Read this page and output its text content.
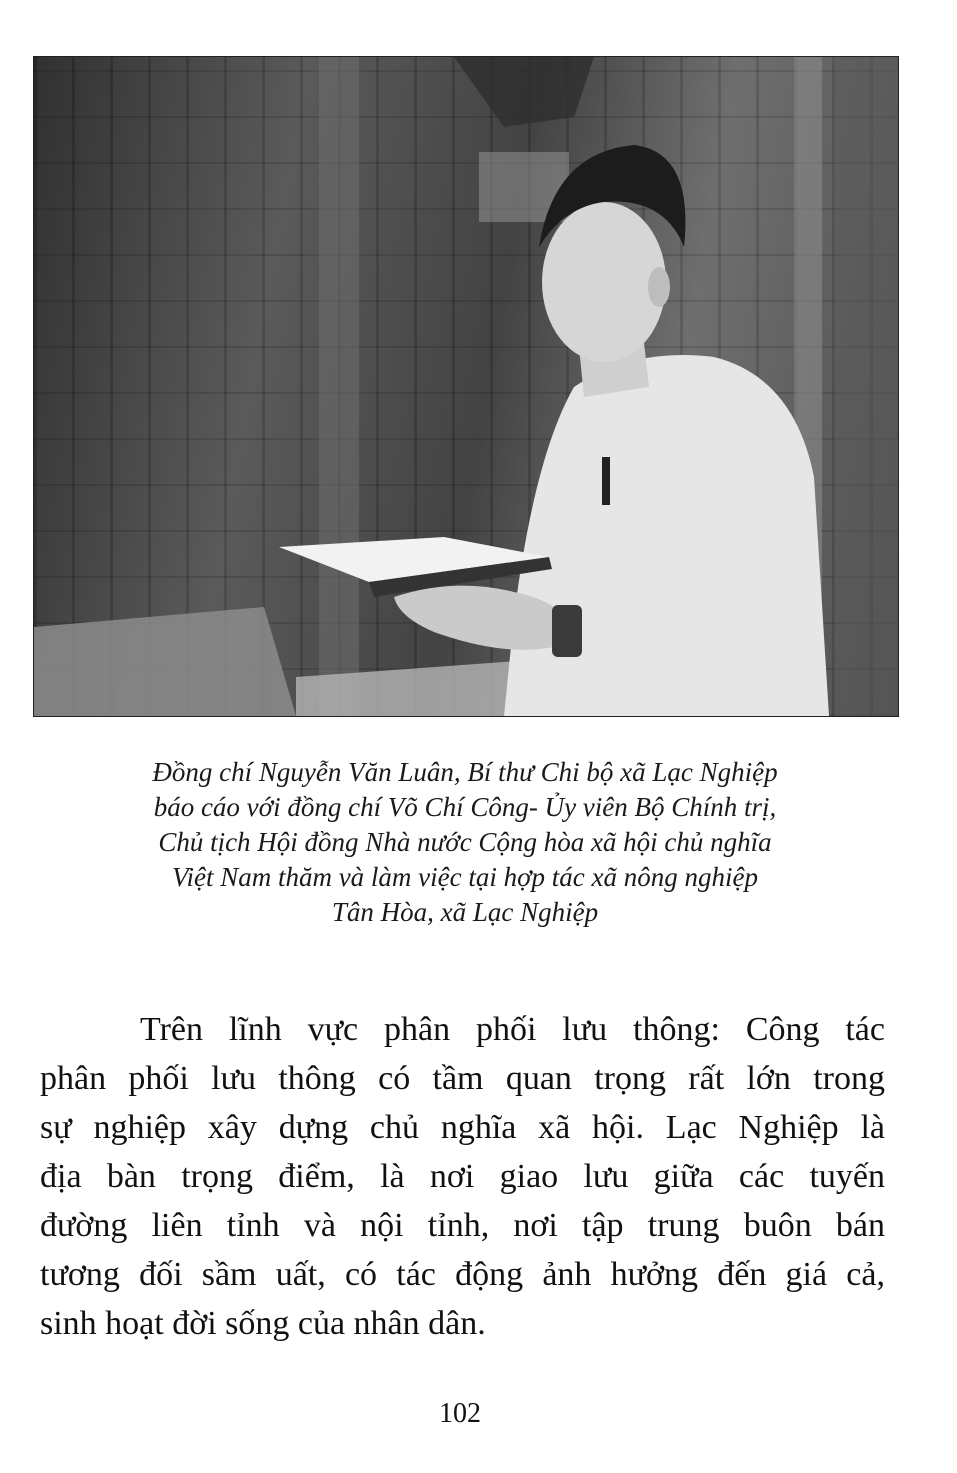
Đồng chí Nguyễn Văn Luân, Bí thư Chi bộ xã Lạc Nghiệp
báo cáo với đồng chí Võ Chí Công- Ủy viên Bộ Chính trị,
Chủ tịch Hội đồng Nhà nước Cộng hòa xã hội chủ nghĩa
Việt Nam thăm và làm việc tại hợp tác xã nông nghiệp
Tân Hòa, xã Lạc Nghiệp
Trên lĩnh vực phân phối lưu thông: Công tác
phân phối lưu thông có tầm quan trọng rất lớn trong
sự nghiệp xây dựng chủ nghĩa xã hội. Lạc Nghiệp là
địa bàn trọng điểm, là nơi giao lưu giữa các tuyến
đường liên tỉnh và nội tỉnh, nơi tập trung buôn bán
tương đối sầm uất, có tác động ảnh hưởng đến giá cả,
sinh hoạt đời sống của nhân dân.
102
